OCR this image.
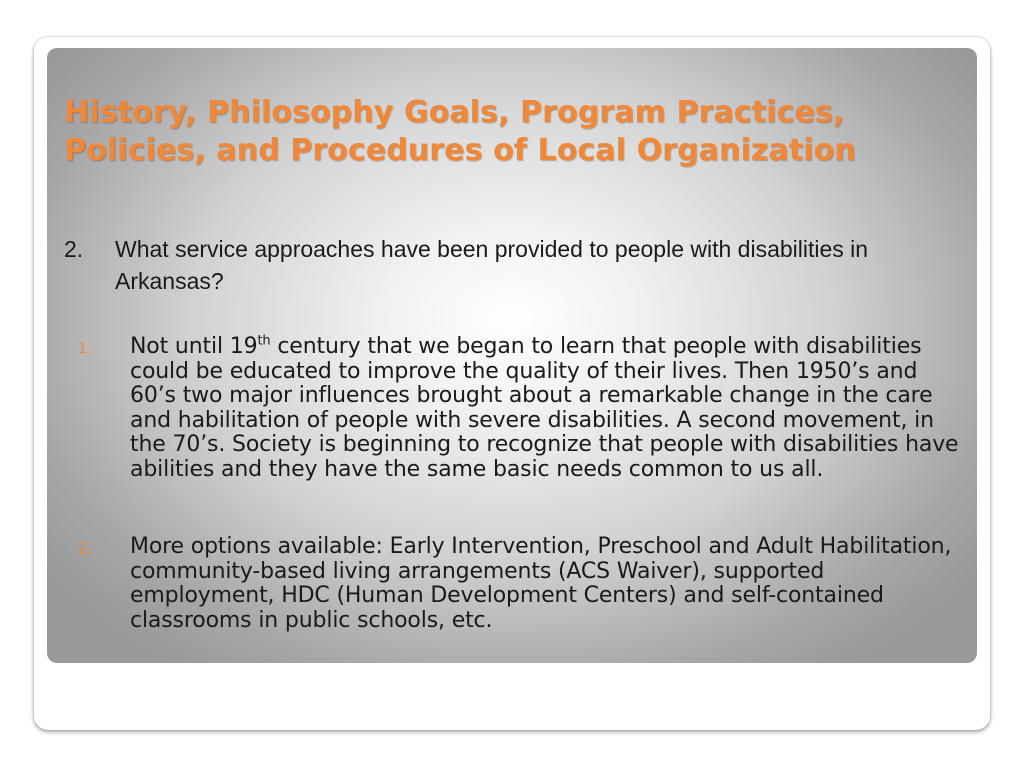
History, Philosophy Goals, Program Practices, Policies, and Procedures of Local Organization
2. What service approaches have been provided to people with disabilities in Arkansas?
1. Not until 19th century that we began to learn that people with disabilities could be educated to improve the quality of their lives. Then 1950’s and 60’s two major influences brought about a remarkable change in the care and habilitation of people with severe disabilities. A second movement, in the 70’s. Society is beginning to recognize that people with disabilities have abilities and they have the same basic needs common to us all.
2. More options available: Early Intervention, Preschool and Adult Habilitation, community-based living arrangements (ACS Waiver), supported employment, HDC (Human Development Centers) and self-contained classrooms in public schools, etc.
